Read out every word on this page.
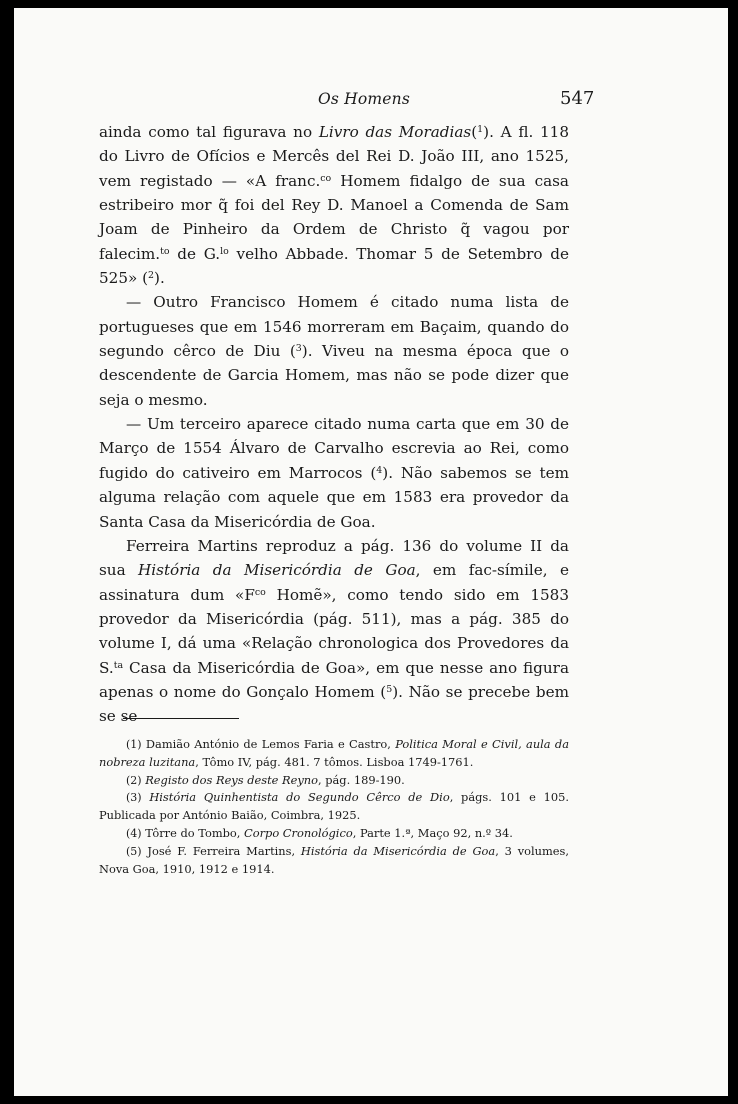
Os Homens	547

ainda como tal figurava no Livro das Moradias($^1$). A fl. 118 do Livro de Ofícios e Mercês del Rei D. João III, ano 1525, vem registado — «A franc.$^{co}$ Homem fidalgo de sua casa estribeiro mor q̃ foi del Rey D. Manoel a Comenda de Sam Joam de Pinheiro da Ordem de Christo q̃ vagou por falecim.$^{to}$ de G.$^{lo}$ velho Abbade. Thomar 5 de Setembro de 525» ($^2$).

— Outro Francisco Homem é citado numa lista de portugueses que em 1546 morreram em Baçaim, quando do segundo cêrco de Diu ($^3$). Viveu na mesma época que o descendente de Garcia Homem, mas não se pode dizer que seja o mesmo.

— Um terceiro aparece citado numa carta que em 30 de Março de 1554 Álvaro de Carvalho escrevia ao Rei, como fugido do cativeiro em Marrocos ($^4$). Não sabemos se tem alguma relação com aquele que em 1583 era provedor da Santa Casa da Misericórdia de Goa.

Ferreira Martins reproduz a pág. 136 do volume II da sua História da Misericórdia de Goa, em fac-símile, e assinatura dum «$F^{co}$ Homẽ», como tendo sido em 1583 provedor da Misericórdia (pág. 511), mas a pág. 385 do volume I, dá uma «Relação chronologica dos Provedores da S.$^{ta}$ Casa da Misericórdia de Goa», em que nesse ano figura apenas o nome do Gonçalo Homem ($^5$). Não se precebe bem se se

(1) Damião António de Lemos Faria e Castro, Politica Moral e Civil, aula da nobreza luzitana, Tômo IV, pág. 481. 7 tômos. Lisboa 1749-1761.

(2) Registo dos Reys deste Reyno, pág. 189-190.

(3) História Quinhentista do Segundo Cêrco de Dio, págs. 101 e 105. Publicada por António Baião, Coimbra, 1925.

(4) Tôrre do Tombo, Corpo Cronológico, Parte 1.ª, Maço 92, n.º 34.

(5) José F. Ferreira Martins, História da Misericórdia de Goa, 3 volumes, Nova Goa, 1910, 1912 e 1914.
